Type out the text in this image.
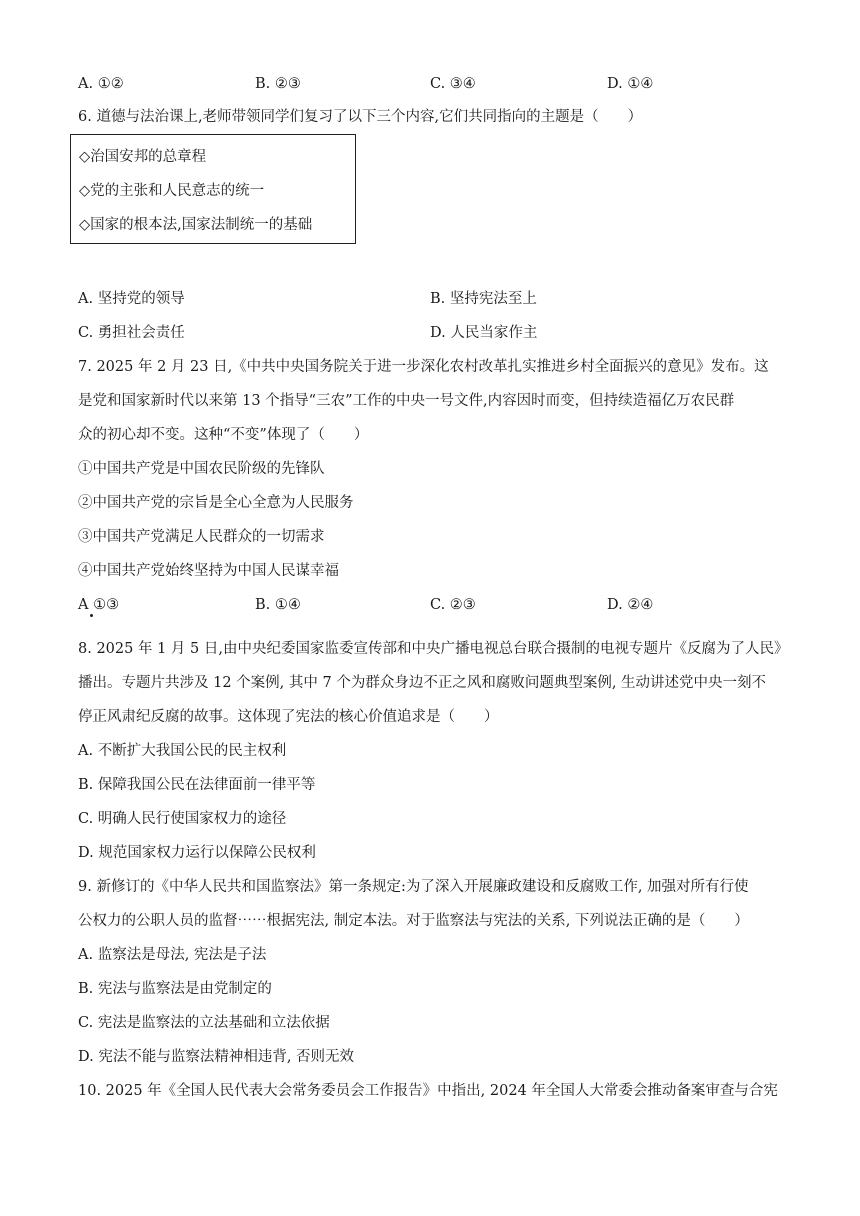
A. ①②	B. ②③	C. ③④	D. ①④
6. 道德与法治课上,老师带领同学们复习了以下三个内容,它们共同指向的主题是（　　）
◇治国安邦的总章程
◇党的主张和人民意志的统一
◇国家的根本法,国家法制统一的基础
A. 坚持党的领导	B. 坚持宪法至上
C. 勇担社会责任	D. 人民当家作主
7. 2025 年 2 月 23 日,《中共中央国务院关于进一步深化农村改革扎实推进乡村全面振兴的意见》发布。这
是党和国家新时代以来第 13 个指导“三农”工作的中央一号文件,内容因时而变，但持续造福亿万农民群
众的初心却不变。这种“不变”体现了（　　）
①中国共产党是中国农民阶级的先锋队
②中国共产党的宗旨是全心全意为人民服务
③中国共产党满足人民群众的一切需求
④中国共产党始终坚持为中国人民谋幸福
A ①③	B. ①④	C. ②③	D. ②④
8. 2025 年 1 月 5 日,由中央纪委国家监委宣传部和中央广播电视总台联合摄制的电视专题片《反腐为了人民》
播出。专题片共涉及 12 个案例, 其中 7 个为群众身边不正之风和腐败问题典型案例, 生动讲述党中央一刻不
停正风肃纪反腐的故事。这体现了宪法的核心价值追求是（　　）
A. 不断扩大我国公民的民主权利
B. 保障我国公民在法律面前一律平等
C. 明确人民行使国家权力的途径
D. 规范国家权力运行以保障公民权利
9. 新修订的《中华人民共和国监察法》第一条规定:为了深入开展廉政建设和反腐败工作, 加强对所有行使
公权力的公职人员的监督⋯⋯根据宪法, 制定本法。对于监察法与宪法的关系, 下列说法正确的是（　　）
A. 监察法是母法, 宪法是子法
B. 宪法与监察法是由党制定的
C. 宪法是监察法的立法基础和立法依据
D. 宪法不能与监察法精神相违背, 否则无效
10. 2025 年《全国人民代表大会常务委员会工作报告》中指出, 2024 年全国人大常委会推动备案审查与合宪
